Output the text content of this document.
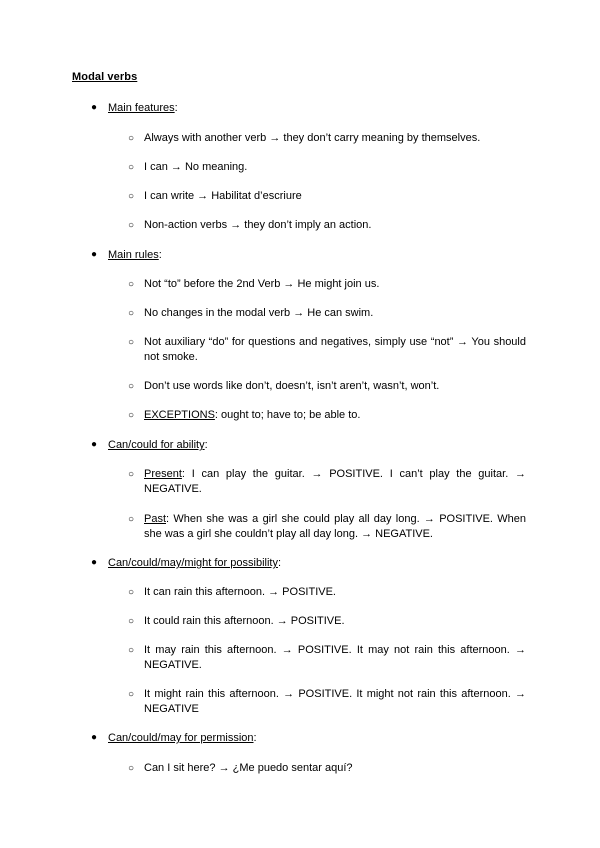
Modal verbs
● Main features:
○ Always with another verb → they don’t carry meaning by themselves.
○ I can → No meaning.
○ I can write → Habilitat d’escriure
○ Non-action verbs → they don’t imply an action.
● Main rules:
○ Not “to” before the 2nd Verb → He might join us.
○ No changes in the modal verb → He can swim.
○ Not auxiliary “do” for questions and negatives, simply use “not” → You should not smoke.
○ Don’t use words like don’t, doesn’t, isn’t aren’t, wasn’t, won’t.
○ EXCEPTIONS: ought to; have to; be able to.
● Can/could for ability:
○ Present: I can play the guitar. → POSITIVE. I can’t play the guitar. → NEGATIVE.
○ Past: When she was a girl she could play all day long. → POSITIVE. When she was a girl she couldn’t play all day long. → NEGATIVE.
● Can/could/may/might for possibility:
○ It can rain this afternoon. → POSITIVE.
○ It could rain this afternoon. → POSITIVE.
○ It may rain this afternoon. → POSITIVE. It may not rain this afternoon. → NEGATIVE.
○ It might rain this afternoon. → POSITIVE. It might not rain this afternoon. → NEGATIVE
● Can/could/may for permission:
○ Can I sit here? → ¿Me puedo sentar aquí?
